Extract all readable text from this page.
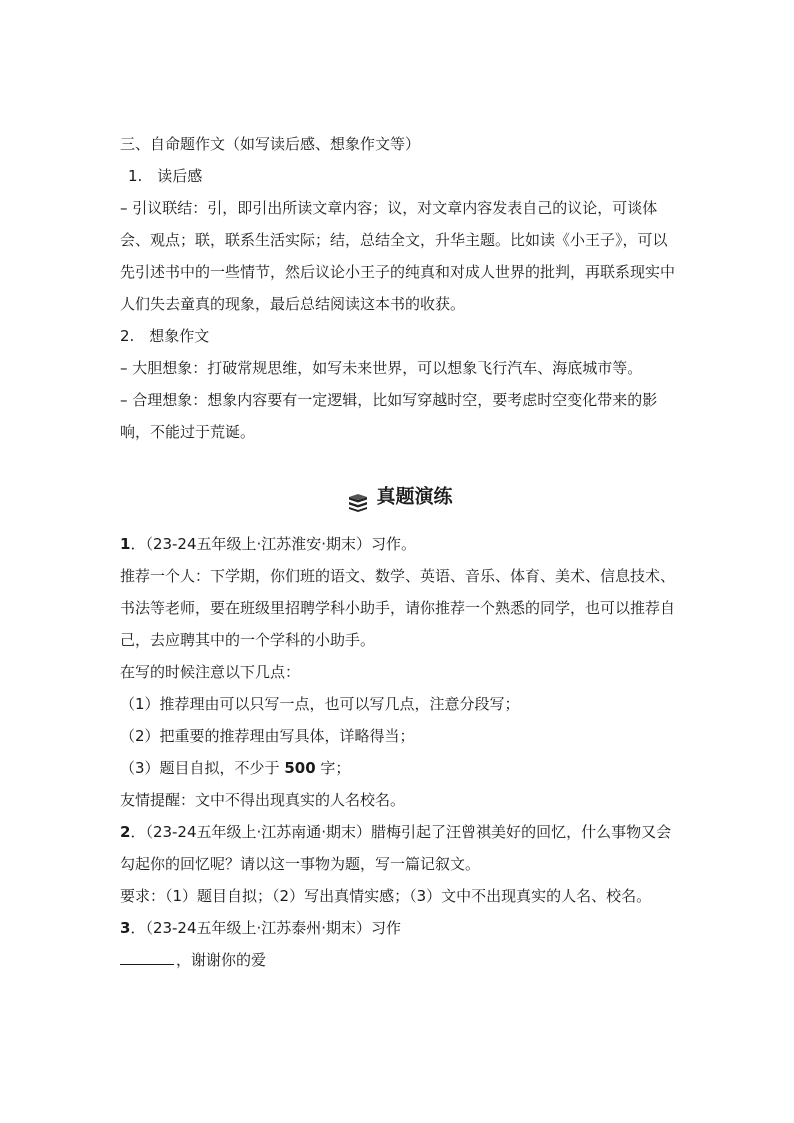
三、自命题作文（如写读后感、想象作文等）
1.　读后感
– 引议联结：引，即引出所读文章内容；议，对文章内容发表自己的议论，可谈体会、观点；联，联系生活实际；结，总结全文，升华主题。比如读《小王子》，可以先引述书中的一些情节，然后议论小王子的纯真和对成人世界的批判，再联系现实中人们失去童真的现象，最后总结阅读这本书的收获。
2.　想象作文
– 大胆想象：打破常规思维，如写未来世界，可以想象飞行汽车、海底城市等。
– 合理想象：想象内容要有一定逻辑，比如写穿越时空，要考虑时空变化带来的影响，不能过于荒诞。
真题演练
1．（23-24五年级上·江苏淮安·期末）习作。
推荐一个人：下学期，你们班的语文、数学、英语、音乐、体育、美术、信息技术、书法等老师，要在班级里招聘学科小助手，请你推荐一个熟悉的同学，也可以推荐自己，去应聘其中的一个学科的小助手。
在写的时候注意以下几点：
（1）推荐理由可以只写一点，也可以写几点，注意分段写；
（2）把重要的推荐理由写具体，详略得当；
（3）题目自拟，不少于 500 字；
友情提醒：文中不得出现真实的人名校名。
2．（23-24五年级上·江苏南通·期末）腊梅引起了汪曾祺美好的回忆，什么事物又会勾起你的回忆呢？请以这一事物为题，写一篇记叙文。
要求：（1）题目自拟；（2）写出真情实感；（3）文中不出现真实的人名、校名。
3．（23-24五年级上·江苏泰州·期末）习作
，谢谢你的爱
